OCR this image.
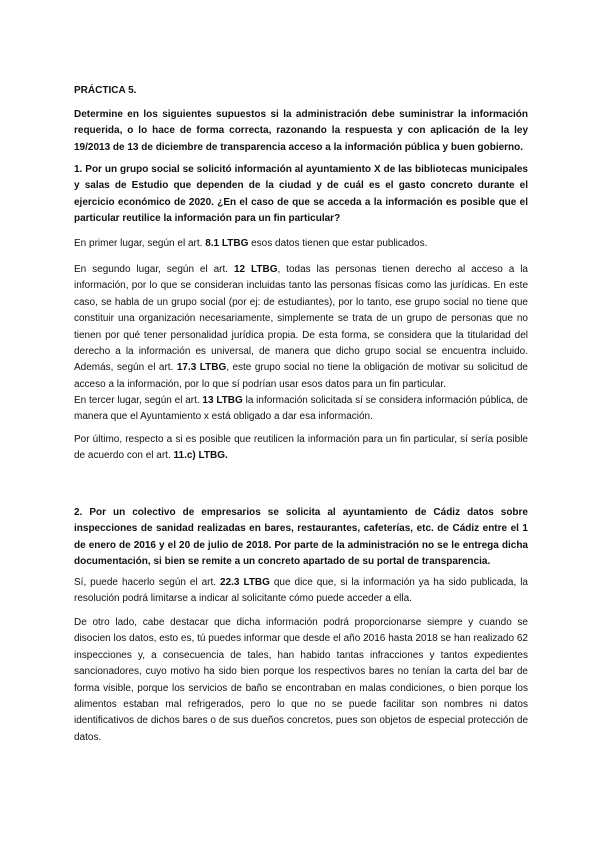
PRÁCTICA 5.

Determine en los siguientes supuestos si la administración debe suministrar la información requerida, o lo hace de forma correcta, razonando la respuesta y con aplicación de la ley 19/2013 de 13 de diciembre de transparencia acceso a la información pública y buen gobierno.

1. Por un grupo social se solicitó información al ayuntamiento X de las bibliotecas municipales y salas de Estudio que dependen de la ciudad y de cuál es el gasto concreto durante el ejercicio económico de 2020. ¿En el caso de que se acceda a la información es posible que el particular reutilice la información para un fin particular?

En primer lugar, según el art. 8.1 LTBG esos datos tienen que estar publicados.

En segundo lugar, según el art. 12 LTBG, todas las personas tienen derecho al acceso a la información, por lo que se consideran incluidas tanto las personas físicas como las jurídicas. En este caso, se habla de un grupo social (por ej: de estudiantes), por lo tanto, ese grupo social no tiene que constituir una organización necesariamente, simplemente se trata de un grupo de personas que no tienen por qué tener personalidad jurídica propia. De esta forma, se considera que la titularidad del derecho a la información es universal, de manera que dicho grupo social se encuentra incluido. Además, según el art. 17.3 LTBG, este grupo social no tiene la obligación de motivar su solicitud de acceso a la información, por lo que sí podrían usar esos datos para un fin particular.

En tercer lugar, según el art. 13 LTBG la información solicitada sí se considera información pública, de manera que el Ayuntamiento x está obligado a dar esa información.

Por último, respecto a si es posible que reutilicen la información para un fin particular, sí sería posible de acuerdo con el art. 11.c) LTBG.

2. Por un colectivo de empresarios se solicita al ayuntamiento de Cádiz datos sobre inspecciones de sanidad realizadas en bares, restaurantes, cafeterías, etc. de Cádiz entre el 1 de enero de 2016 y el 20 de julio de 2018. Por parte de la administración no se le entrega dicha documentación, si bien se remite a un concreto apartado de su portal de transparencia.

Sí, puede hacerlo según el art. 22.3 LTBG que dice que, si la información ya ha sido publicada, la resolución podrá limitarse a indicar al solicitante cómo puede acceder a ella.

De otro lado, cabe destacar que dicha información podrá proporcionarse siempre y cuando se disocien los datos, esto es, tú puedes informar que desde el año 2016 hasta 2018 se han realizado 62 inspecciones y, a consecuencia de tales, han habido tantas infracciones y tantos expedientes sancionadores, cuyo motivo ha sido bien porque los respectivos bares no tenían la carta del bar de forma visible, porque los servicios de baño se encontraban en malas condiciones, o bien porque los alimentos estaban mal refrigerados, pero lo que no se puede facilitar son nombres ni datos identificativos de dichos bares o de sus dueños concretos, pues son objetos de especial protección de datos.
